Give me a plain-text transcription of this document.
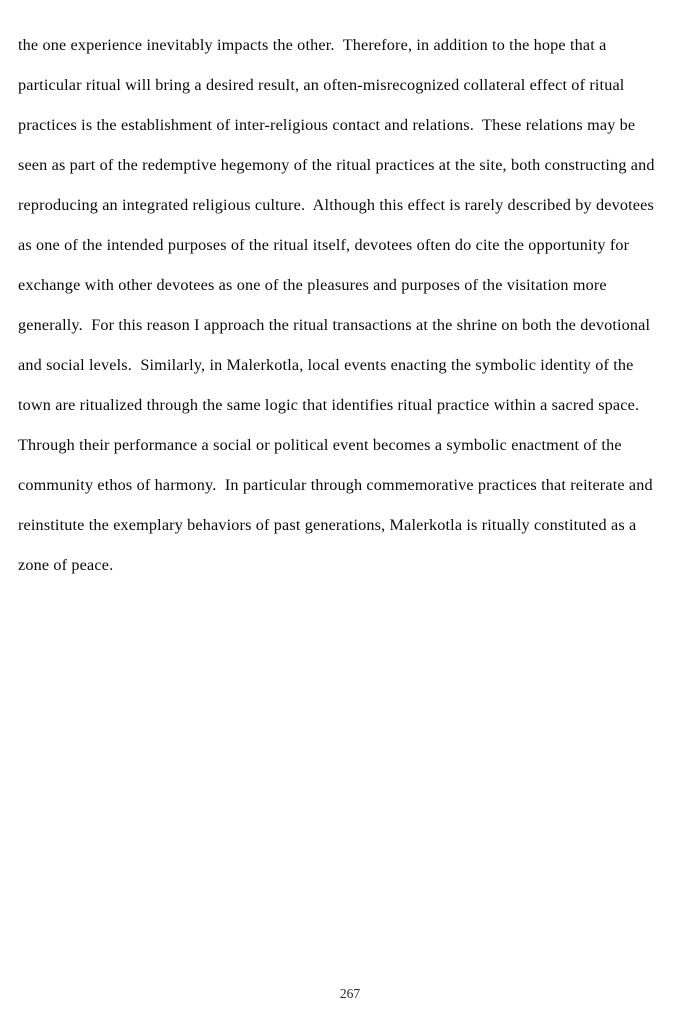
the one experience inevitably impacts the other.  Therefore, in addition to the hope that a
particular ritual will bring a desired result, an often-misrecognized collateral effect of ritual
practices is the establishment of inter-religious contact and relations.  These relations may be
seen as part of the redemptive hegemony of the ritual practices at the site, both constructing and
reproducing an integrated religious culture.  Although this effect is rarely described by devotees
as one of the intended purposes of the ritual itself, devotees often do cite the opportunity for
exchange with other devotees as one of the pleasures and purposes of the visitation more
generally.  For this reason I approach the ritual transactions at the shrine on both the devotional
and social levels.  Similarly, in Malerkotla, local events enacting the symbolic identity of the
town are ritualized through the same logic that identifies ritual practice within a sacred space.
Through their performance a social or political event becomes a symbolic enactment of the
community ethos of harmony.  In particular through commemorative practices that reiterate and
reinstitute the exemplary behaviors of past generations, Malerkotla is ritually constituted as a
zone of peace.
267
